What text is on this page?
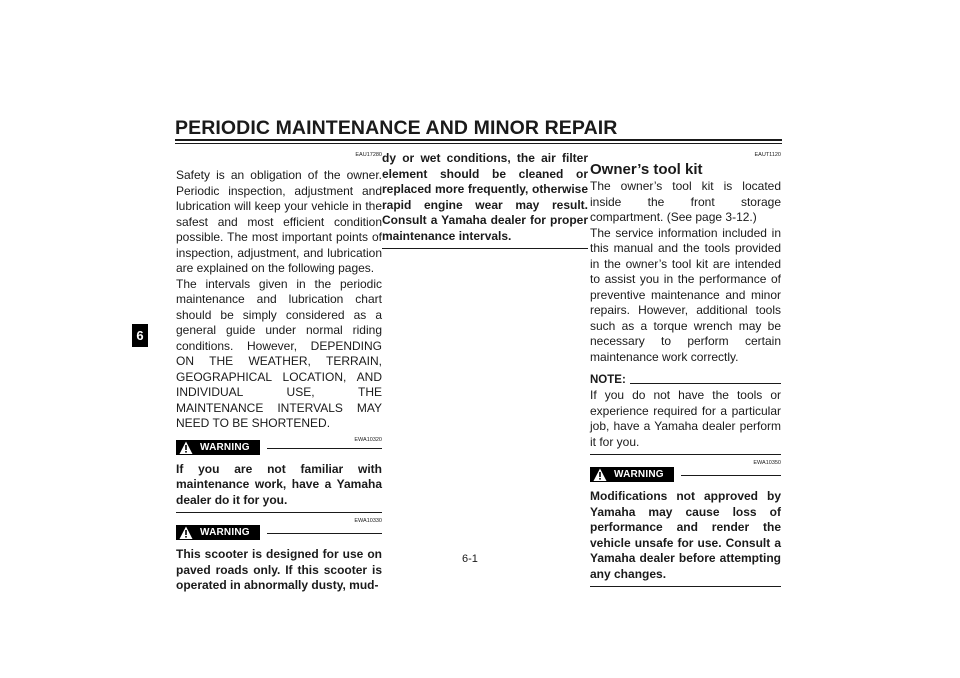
PERIODIC MAINTENANCE AND MINOR REPAIR
6
EAU17280

Safety is an obligation of the owner. Periodic inspection, adjustment and lubrication will keep your vehicle in the safest and most efficient condition possible. The most important points of inspection, adjustment, and lubrication are explained on the following pages.

The intervals given in the periodic maintenance and lubrication chart should be simply considered as a general guide under normal riding conditions. However, DEPENDING ON THE WEATHER, TERRAIN, GEOGRAPHICAL LOCATION, AND INDIVIDUAL USE, THE MAINTENANCE INTERVALS MAY NEED TO BE SHORTENED.

EWA10320
WARNING

If you are not familiar with maintenance work, have a Yamaha dealer do it for you.

EWA10330
WARNING

This scooter is designed for use on paved roads only. If this scooter is operated in abnormally dusty, mud-

dy or wet conditions, the air filter element should be cleaned or replaced more frequently, otherwise rapid engine wear may result. Consult a Yamaha dealer for proper maintenance intervals.

EAUT1120
Owner’s tool kit

The owner’s tool kit is located inside the front storage compartment. (See page 3-12.)

The service information included in this manual and the tools provided in the owner’s tool kit are intended to assist you in the performance of preventive maintenance and minor repairs. However, additional tools such as a torque wrench may be necessary to perform certain maintenance work correctly.

NOTE:

If you do not have the tools or experience required for a particular job, have a Yamaha dealer perform it for you.

EWA10350
WARNING

Modifications not approved by Yamaha may cause loss of performance and render the vehicle unsafe for use. Consult a Yamaha dealer before attempting any changes.

6-1
